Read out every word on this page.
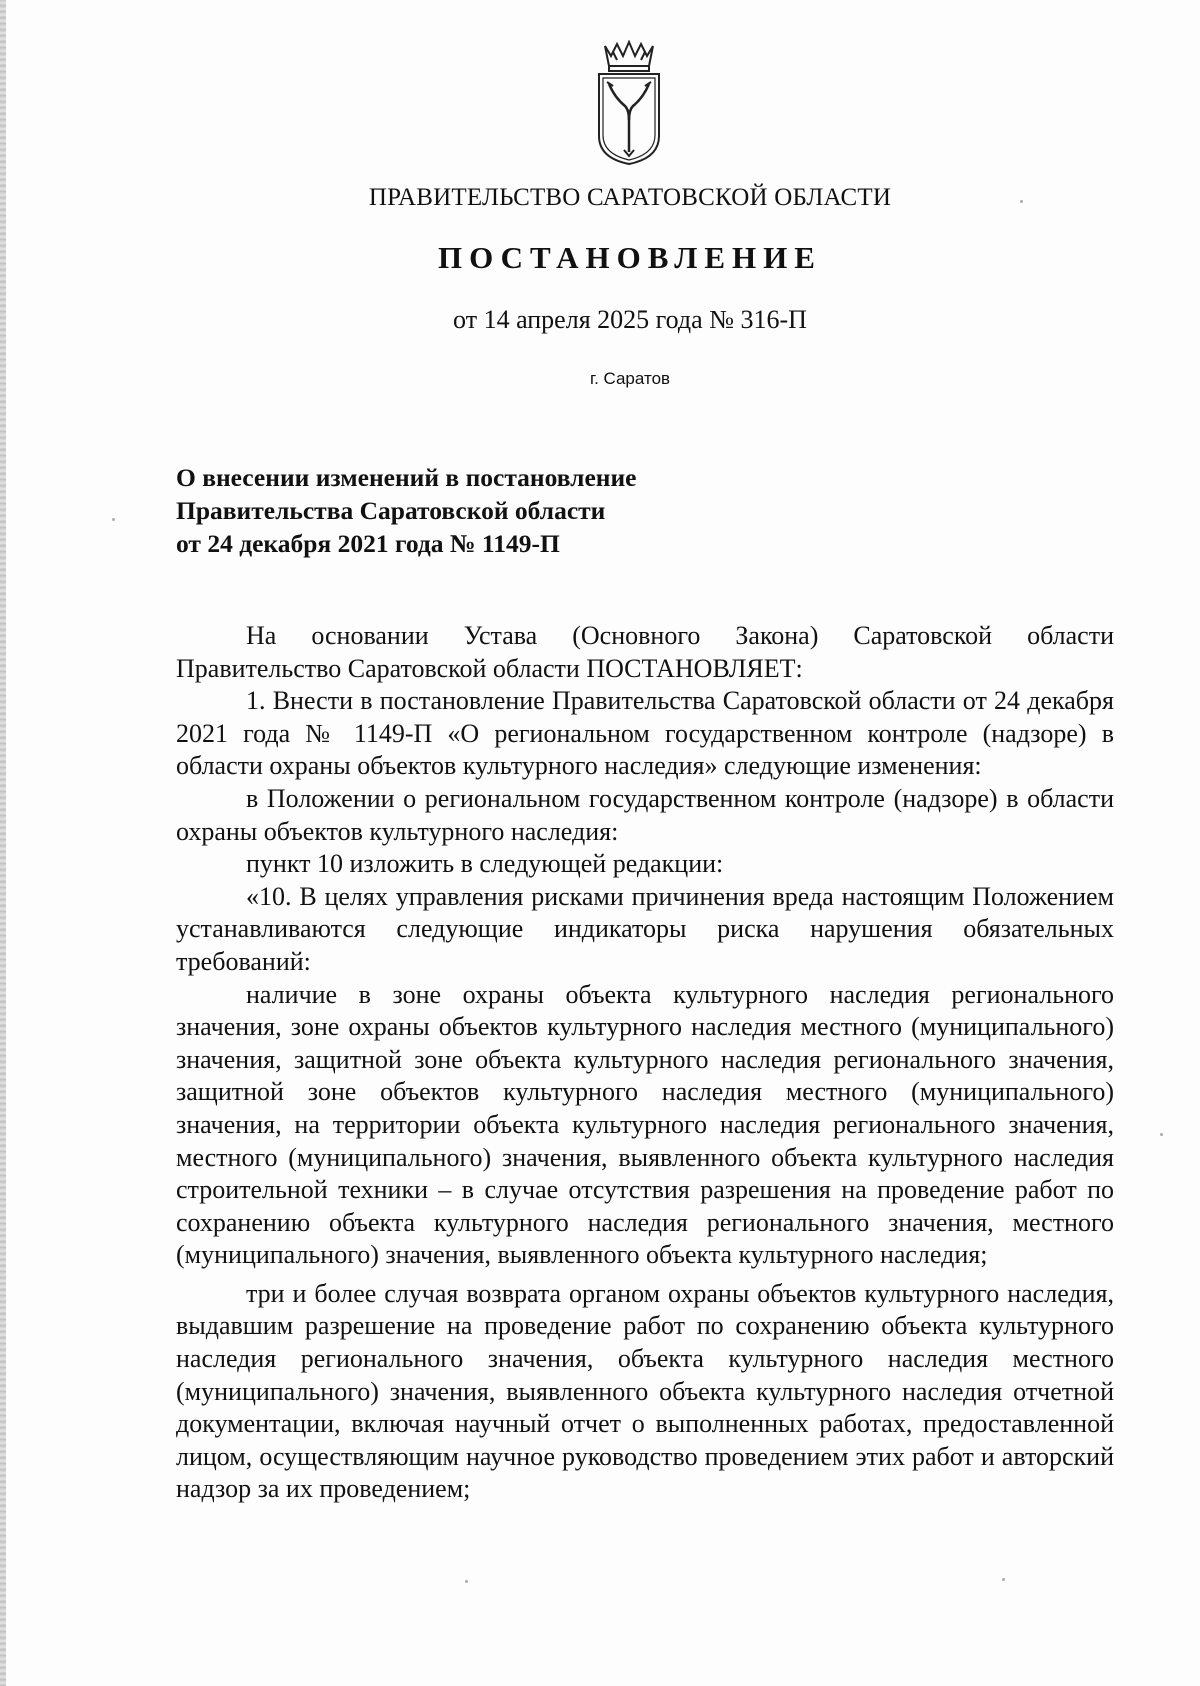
ПРАВИТЕЛЬСТВО САРАТОВСКОЙ ОБЛАСТИ
ПОСТАНОВЛЕНИЕ
от 14 апреля 2025 года № 316-П
г. Саратов
О внесении изменений в постановление
Правительства Саратовской области
от 24 декабря 2021 года № 1149-П

На основании Устава (Основного Закона) Саратовской области Правительство Саратовской области ПОСТАНОВЛЯЕТ:

1. Внести в постановление Правительства Саратовской области от 24 декабря 2021 года № 1149-П «О региональном государственном контроле (надзоре) в области охраны объектов культурного наследия» следующие изменения:

в Положении о региональном государственном контроле (надзоре) в области охраны объектов культурного наследия:

пункт 10 изложить в следующей редакции:

«10. В целях управления рисками причинения вреда настоящим Положением устанавливаются следующие индикаторы риска нарушения обязательных требований:

наличие в зоне охраны объекта культурного наследия регионального значения, зоне охраны объектов культурного наследия местного (муниципального) значения, защитной зоне объекта культурного наследия регионального значения, защитной зоне объектов культурного наследия местного (муниципального) значения, на территории объекта культурного наследия регионального значения, местного (муниципального) значения, выявленного объекта культурного наследия строительной техники – в случае отсутствия разрешения на проведение работ по сохранению объекта культурного наследия регионального значения, местного (муниципального) значения, выявленного объекта культурного наследия;

три и более случая возврата органом охраны объектов культурного наследия, выдавшим разрешение на проведение работ по сохранению объекта культурного наследия регионального значения, объекта культурного наследия местного (муниципального) значения, выявленного объекта культурного наследия отчетной документации, включая научный отчет о выполненных работах, предоставленной лицом, осуществляющим научное руководство проведением этих работ и авторский надзор за их проведением;
